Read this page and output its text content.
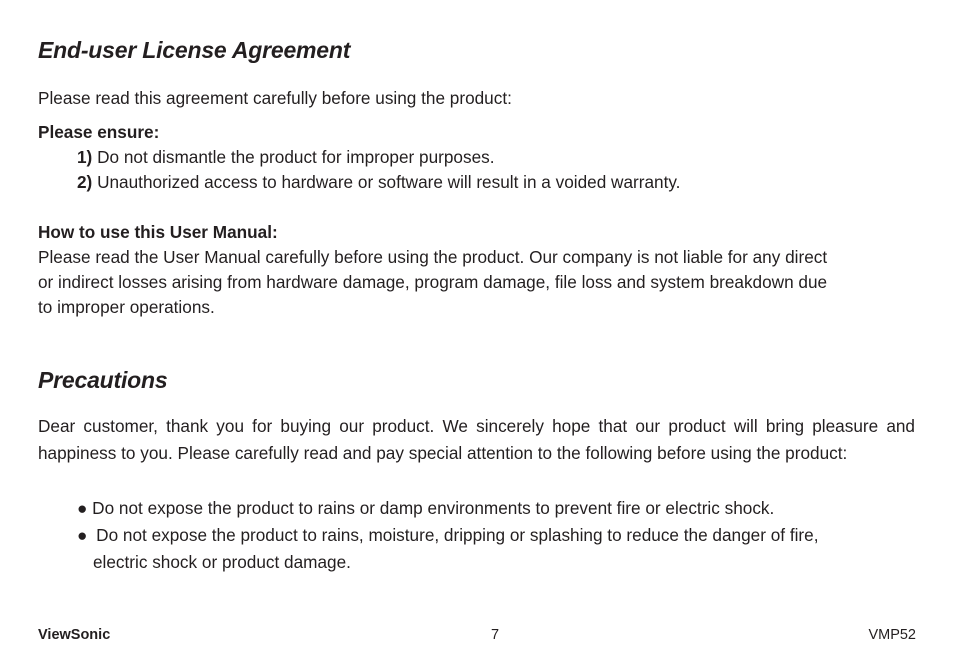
End-user License Agreement
Please read this agreement carefully before using the product:
Please ensure:
1) Do not dismantle the product for improper purposes.
2) Unauthorized access to hardware or software will result in a voided warranty.
How to use this User Manual:
Please read the User Manual carefully before using the product. Our company is not liable for any direct
or indirect losses arising from hardware damage, program damage, file loss and system breakdown due
to improper operations.
Precautions
Dear customer, thank you for buying our product. We sincerely hope that our product will bring pleasure and happiness to you. Please carefully read and pay special attention to the following before using the product:
● Do not expose the product to rains or damp environments to prevent fire or electric shock.
● Do not expose the product to rains, moisture, dripping or splashing to reduce the danger of fire,
electric shock or product damage.
ViewSonic	7	VMP52
